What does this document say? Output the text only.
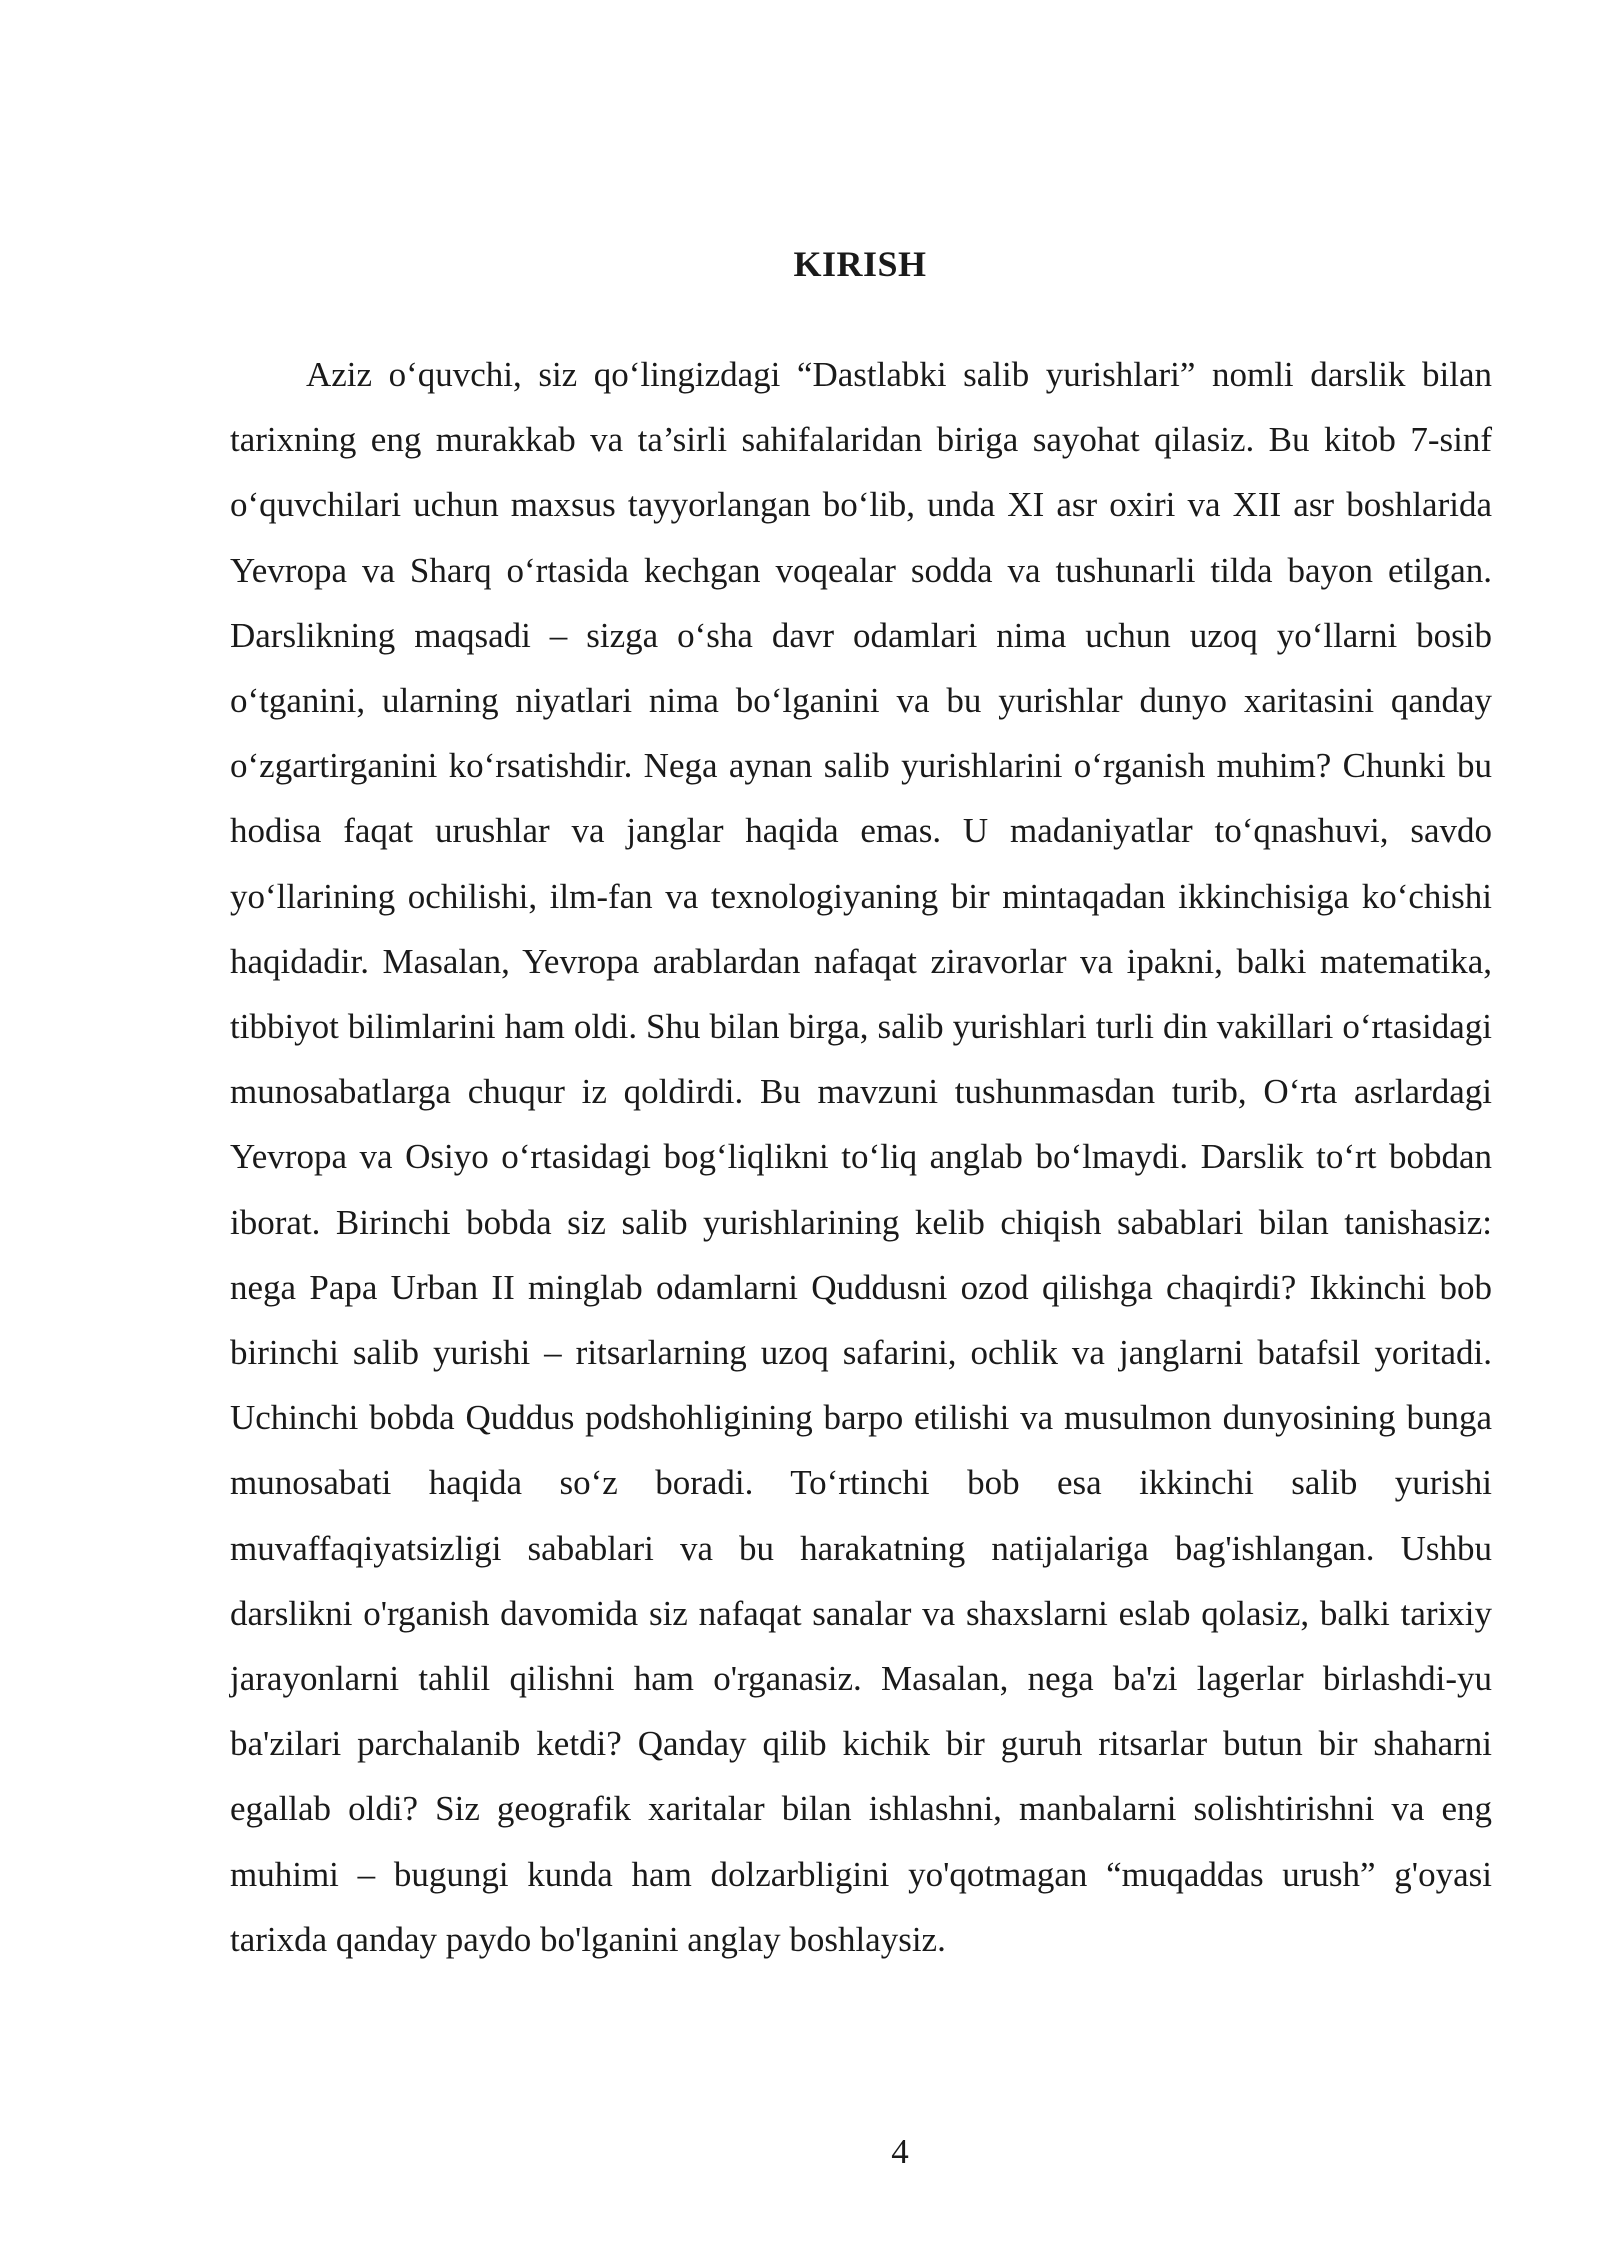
KIRISH

Aziz o‘quvchi, siz qo‘lingizdagi “Dastlabki salib yurishlari” nomli darslik bilan tarixning eng murakkab va ta’sirli sahifalaridan biriga sayohat qilasiz. Bu kitob 7-sinf o‘quvchilari uchun maxsus tayyorlangan bo‘lib, unda XI asr oxiri va XII asr boshlarida Yevropa va Sharq o‘rtasida kechgan voqealar sodda va tushunarli tilda bayon etilgan. Darslikning maqsadi – sizga o‘sha davr odamlari nima uchun uzoq yo‘llarni bosib o‘tganini, ularning niyatlari nima bo‘lganini va bu yurishlar dunyo xaritasini qanday o‘zgartirganini ko‘rsatishdir. Nega aynan salib yurishlarini o‘rganish muhim? Chunki bu hodisa faqat urushlar va janglar haqida emas. U madaniyatlar to‘qnashuvi, savdo yo‘llarining ochilishi, ilm-fan va texnologiyaning bir mintaqadan ikkinchisiga ko‘chishi haqidadir. Masalan, Yevropa arablardan nafaqat ziravorlar va ipakni, balki matematika, tibbiyot bilimlarini ham oldi. Shu bilan birga, salib yurishlari turli din vakillari o‘rtasidagi munosabatlarga chuqur iz qoldirdi. Bu mavzuni tushunmasdan turib, O‘rta asrlardagi Yevropa va Osiyo o‘rtasidagi bog‘liqlikni to‘liq anglab bo‘lmaydi. Darslik to‘rt bobdan iborat. Birinchi bobda siz salib yurishlarining kelib chiqish sabablari bilan tanishasiz: nega Papa Urban II minglab odamlarni Quddusni ozod qilishga chaqirdi? Ikkinchi bob birinchi salib yurishi – ritsarlarning uzoq safarini, ochlik va janglarni batafsil yoritadi. Uchinchi bobda Quddus podshohligining barpo etilishi va musulmon dunyosining bunga munosabati haqida so‘z boradi. To‘rtinchi bob esa ikkinchi salib yurishi muvaffaqiyatsizligi sabablari va bu harakatning natijalariga bag'ishlangan. Ushbu darslikni o'rganish davomida siz nafaqat sanalar va shaxslarni eslab qolasiz, balki tarixiy jarayonlarni tahlil qilishni ham o'rganasiz. Masalan, nega ba'zi lagerlar birlashdi-yu ba'zilari parchalanib ketdi? Qanday qilib kichik bir guruh ritsarlar butun bir shaharni egallab oldi? Siz geografik xaritalar bilan ishlashni, manbalarni solishtirishni va eng muhimi – bugungi kunda ham dolzarbligini yo'qotmagan “muqaddas urush” g'oyasi tarixda qanday paydo bo'lganini anglay boshlaysiz.

4
